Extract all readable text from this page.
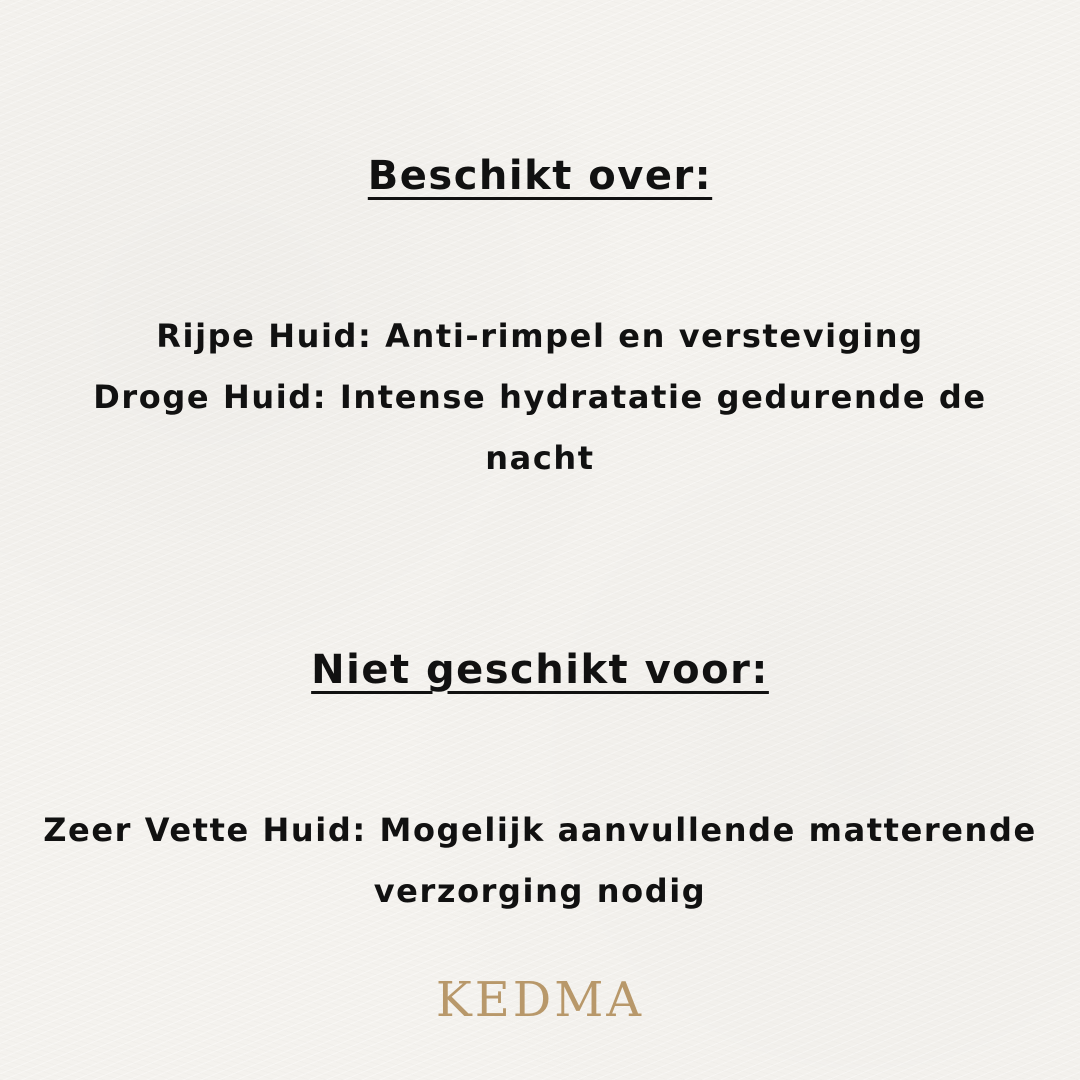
Beschikt over:

Rijpe Huid: Anti-rimpel en versteviging

Droge Huid: Intense hydratatie gedurende de nacht

Niet geschikt voor:

Zeer Vette Huid: Mogelijk aanvullende matterende verzorging nodig

KEDMA
